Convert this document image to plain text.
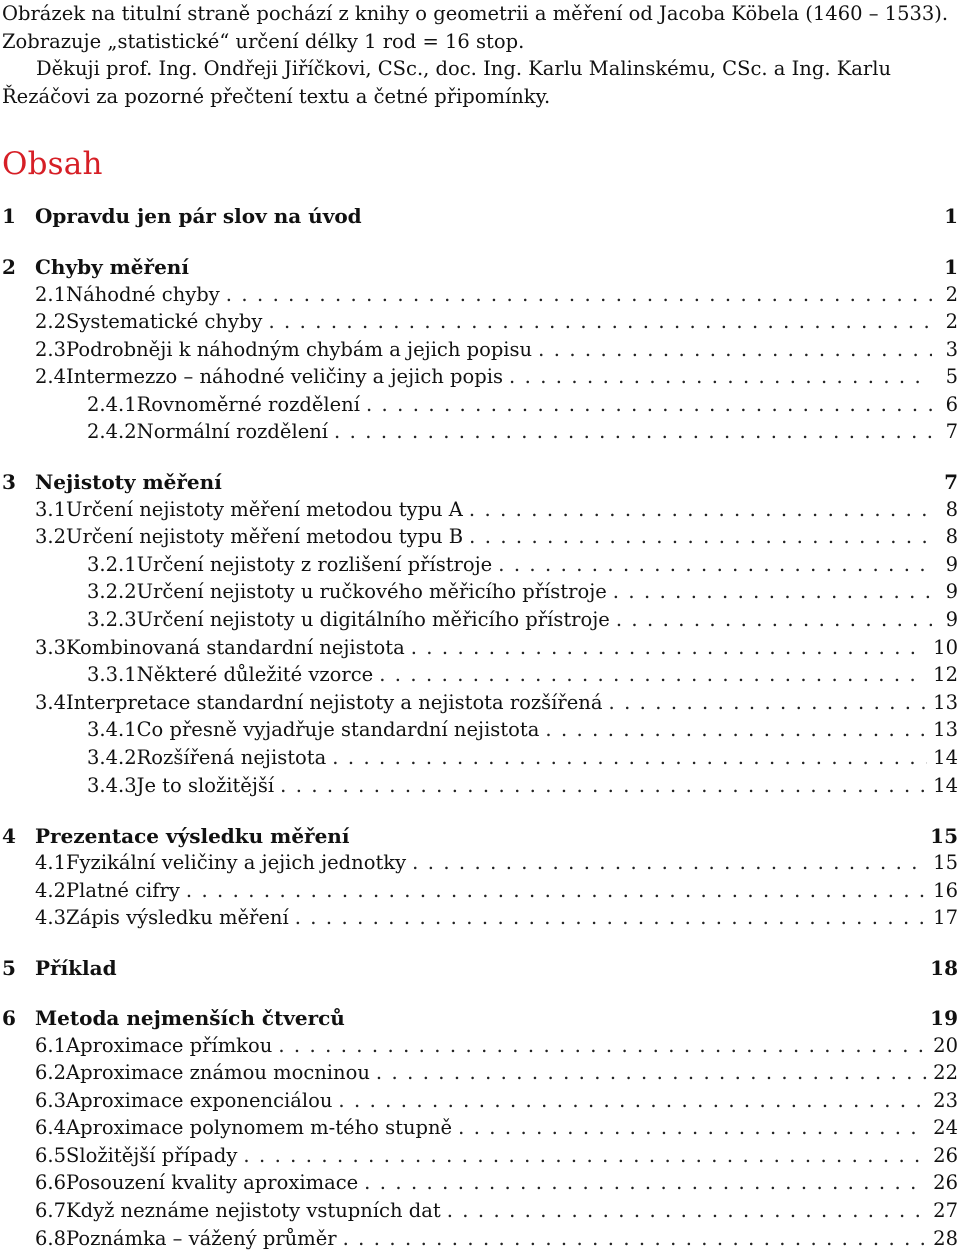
Obrázek na titulní straně pochází z knihy o geometrii a měření od Jacoba Köbela (1460 – 1533). Zobrazuje „statistické“ určení délky 1 rod = 16 stop.

Děkuji prof. Ing. Ondřeji Jiříčkovi, CSc., doc. Ing. Karlu Malinskému, CSc. a Ing. Karlu Řezáčovi za pozorné přečtení textu a četné připomínky.

Obsah
1 Opravdu jen pár slov na úvod	1
2 Chyby měření	1
2.1 Náhodné chyby . . .	2
2.2 Systematické chyby . . .	2
2.3 Podrobněji k náhodným chybám a jejich popisu . . .	3
2.4 Intermezzo – náhodné veličiny a jejich popis . . .	5
2.4.1 Rovnoměrné rozdělení . . .	6
2.4.2 Normální rozdělení . . .	7
3 Nejistoty měření	7
3.1 Určení nejistoty měření metodou typu A . . .	8
3.2 Určení nejistoty měření metodou typu B . . .	8
3.2.1 Určení nejistoty z rozlišení přístroje . . .	9
3.2.2 Určení nejistoty u ručkového měřicího přístroje . . .	9
3.2.3 Určení nejistoty u digitálního měřicího přístroje . . .	9
3.3 Kombinovaná standardní nejistota . . .	10
3.3.1 Některé důležité vzorce . . .	12
3.4 Interpretace standardní nejistoty a nejistota rozšířená . . .	13
3.4.1 Co přesně vyjadřuje standardní nejistota . . .	13
3.4.2 Rozšířená nejistota . . .	14
3.4.3 Je to složitější . . .	14
4 Prezentace výsledku měření	15
4.1 Fyzikální veličiny a jejich jednotky . . .	15
4.2 Platné cifry . . .	16
4.3 Zápis výsledku měření . . .	17
5 Příklad	18
6 Metoda nejmenších čtverců	19
6.1 Aproximace přímkou . . .	20
6.2 Aproximace známou mocninou . . .	22
6.3 Aproximace exponenciálou . . .	23
6.4 Aproximace polynomem m-tého stupně . . .	24
6.5 Složitější případy . . .	26
6.6 Posouzení kvality aproximace . . .	26
6.7 Když neznáme nejistoty vstupních dat . . .	27
6.8 Poznámka – vážený průměr . . .	28
